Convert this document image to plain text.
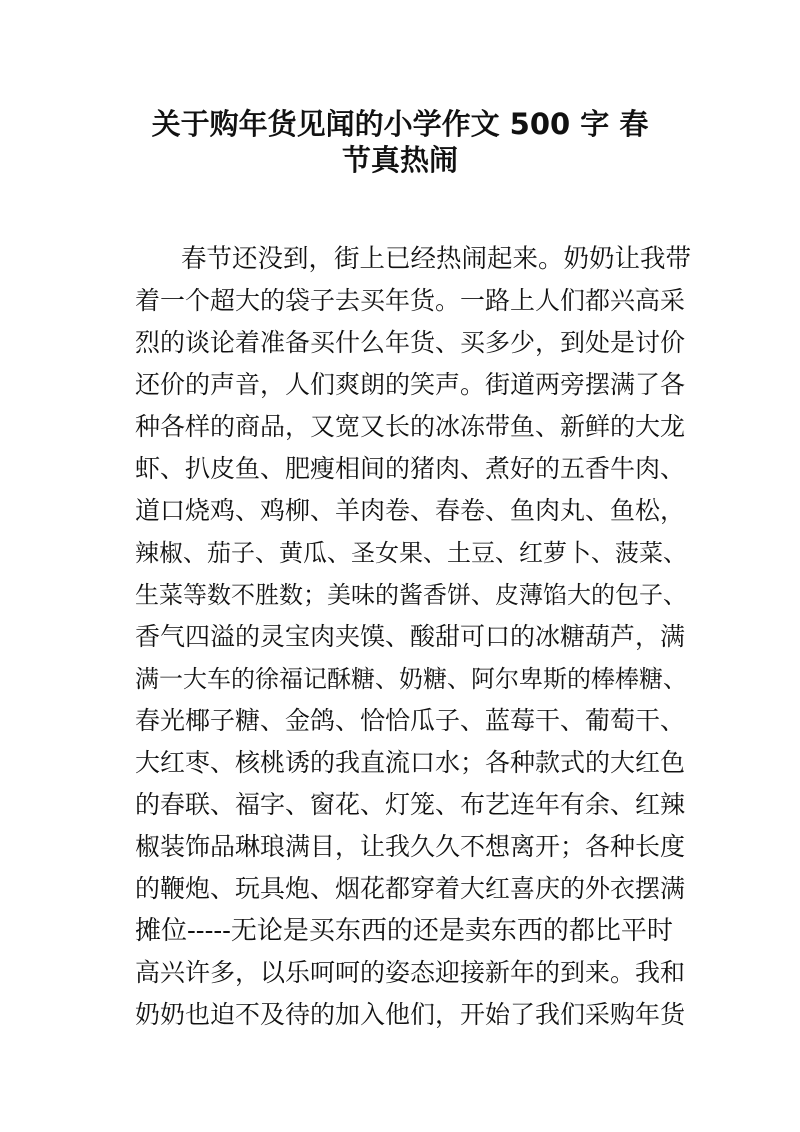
关于购年货见闻的小学作文 500 字 春
节真热闹
春节还没到，街上已经热闹起来。奶奶让我带
着一个超大的袋子去买年货。一路上人们都兴高采
烈的谈论着准备买什么年货、买多少，到处是讨价
还价的声音，人们爽朗的笑声。街道两旁摆满了各
种各样的商品，又宽又长的冰冻带鱼、新鲜的大龙
虾、扒皮鱼、肥瘦相间的猪肉、煮好的五香牛肉、
道口烧鸡、鸡柳、羊肉卷、春卷、鱼肉丸、鱼松，
辣椒、茄子、黄瓜、圣女果、土豆、红萝卜、菠菜、
生菜等数不胜数；美味的酱香饼、皮薄馅大的包子、
香气四溢的灵宝肉夹馍、酸甜可口的冰糖葫芦，满
满一大车的徐福记酥糖、奶糖、阿尔卑斯的棒棒糖、
春光椰子糖、金鸽、恰恰瓜子、蓝莓干、葡萄干、
大红枣、核桃诱的我直流口水；各种款式的大红色
的春联、福字、窗花、灯笼、布艺连年有余、红辣
椒装饰品琳琅满目，让我久久不想离开；各种长度
的鞭炮、玩具炮、烟花都穿着大红喜庆的外衣摆满
摊位-----无论是买东西的还是卖东西的都比平时
高兴许多，以乐呵呵的姿态迎接新年的到来。我和
奶奶也迫不及待的加入他们，开始了我们采购年货
